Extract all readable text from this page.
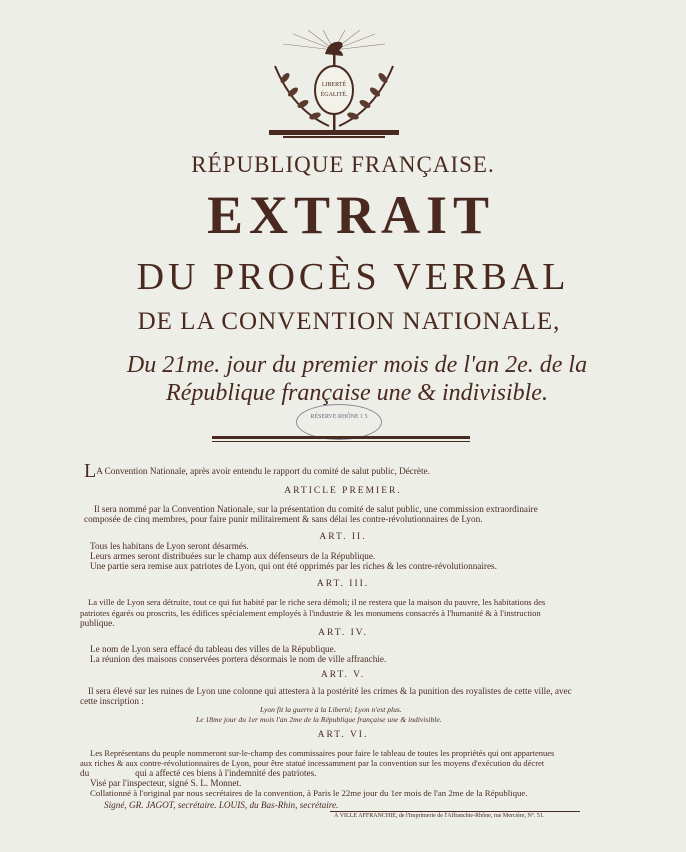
LIBERTÉ
ÉGALITÉ.
RÉPUBLIQUE FRANÇAISE.
EXTRAIT
DU PROCÈS VERBAL
DE LA CONVENTION NATIONALE,
Du 21me. jour du premier mois de l'an 2e. de la
République française une & indivisible.
RÉSERVE RHÔNE 1 5
LA Convention Nationale, après avoir entendu le rapport du comité de salut public, Décrète.
ARTICLE PREMIER.
Il sera nommé par la Convention Nationale, sur la présentation du comité de salut public, une commission extraordinaire
composée de cinq membres, pour faire punir militairement & sans délai les contre-révolutionnaires de Lyon.
ART. II.
Tous les habitans de Lyon seront désarmés.
Leurs armes seront distribuées sur le champ aux défenseurs de la République.
Une partie sera remise aux patriotes de Lyon, qui ont été opprimés par les riches & les contre-révolutionnaires.
ART. III.
La ville de Lyon sera détruite, tout ce qui fut habité par le riche sera démoli; il ne restera que la maison du pauvre, les habitations des
patriotes égarés ou proscrits, les édifices spécialement employés à l'industrie & les monumens consacrés à l'humanité & à l'instruction
publique.
ART. IV.
Le nom de Lyon sera effacé du tableau des villes de la République.
La réunion des maisons conservées portera désormais le nom de ville affranchie.
ART. V.
Il sera élevé sur les ruines de Lyon une colonne qui attestera à la postérité les crimes & la punition des royalistes de cette ville, avec
cette inscription :
Lyon fit la guerre à la Liberté; Lyon n'est plus.
Le 18me jour du 1er mois l'an 2me de la République française une & indivisible.
ART. VI.
Les Représentans du peuple nommeront sur-le-champ des commissaires pour faire le tableau de toutes les propriétés qui ont appartenues
aux riches & aux contre-révolutionnaires de Lyon, pour être statué incessamment par la convention sur les moyens d'exécution du décret
du                    qui a affecté ces biens à l'indemnité des patriotes.
Visé par l'inspecteur, signé S. L. Monnet.
Collationné à l'original par nous secrétaires de la convention, à Paris le 22me jour du 1er mois de l'an 2me de la République.
Signé, GR. JAGOT, secrétaire. LOUIS, du Bas-Rhin, secrétaire.
À VILLE AFFRANCHIE, de l'Imprimerie de l'Affranchie-Rhône, rue Mercière, Nº. 51.
